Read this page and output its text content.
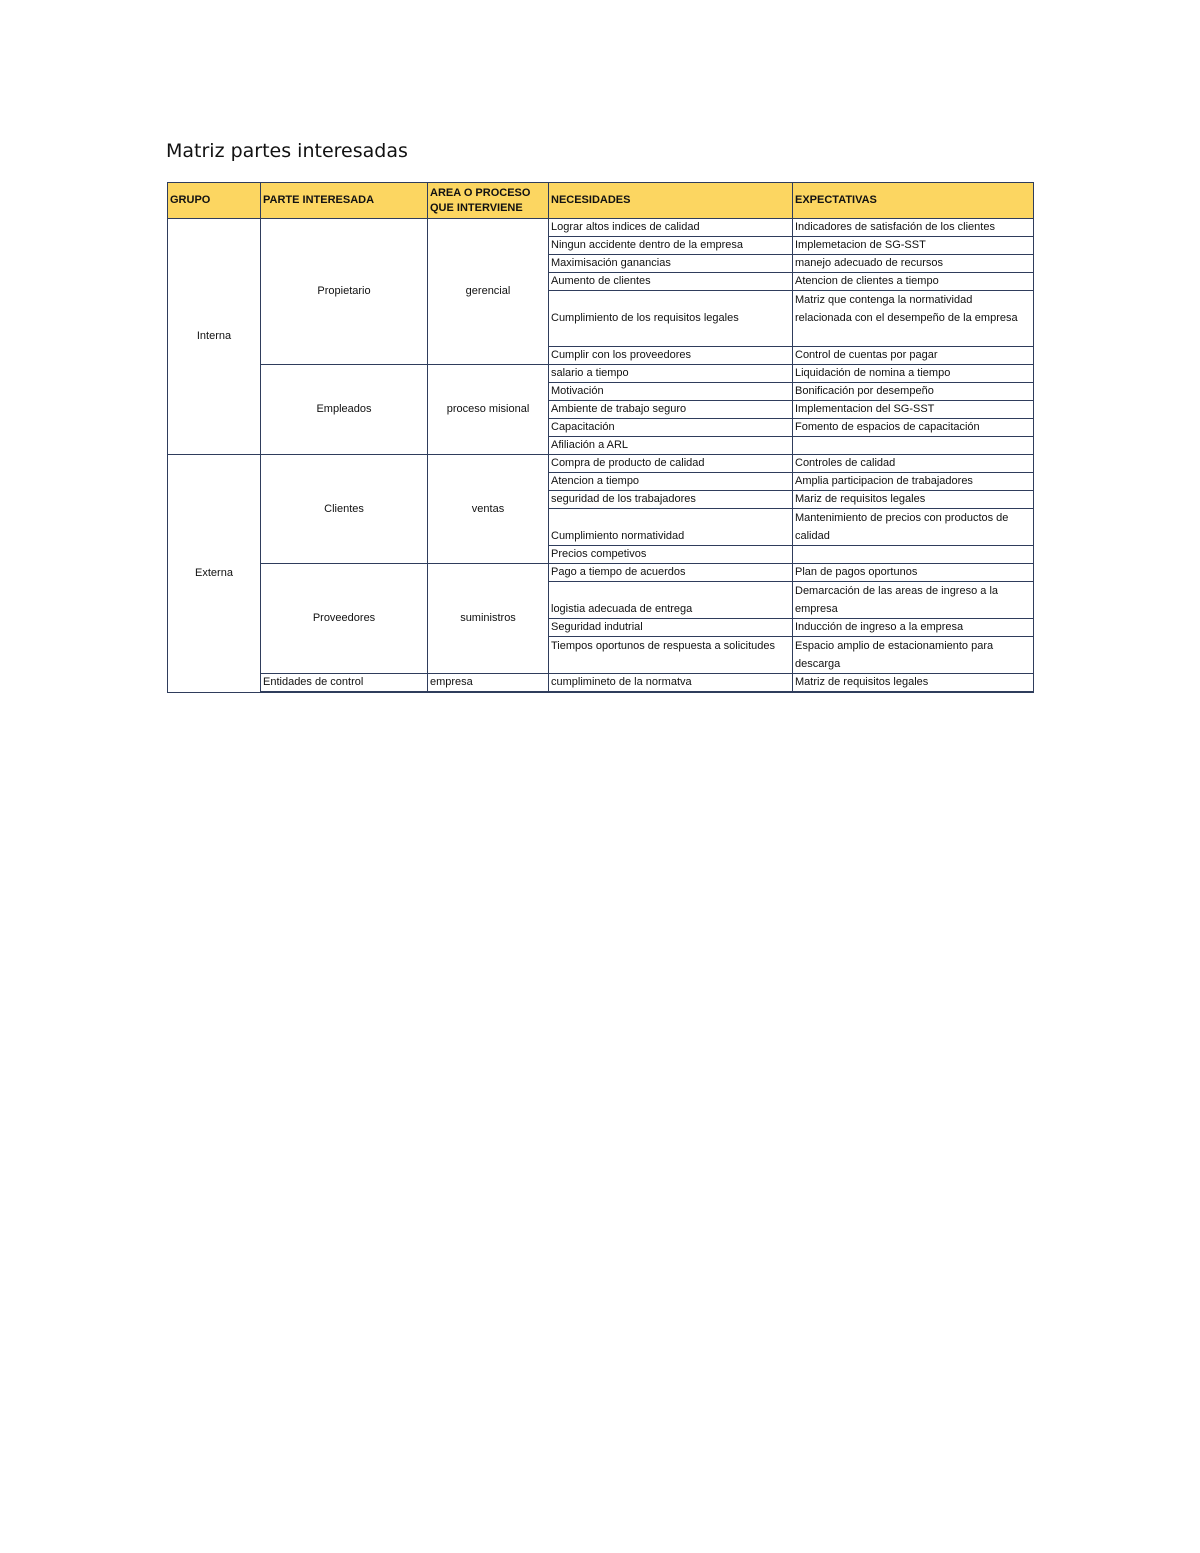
Matriz partes interesadas
GRUPO	PARTE INTERESADA	AREA O PROCESO QUE INTERVIENE	NECESIDADES	EXPECTATIVAS
Interna	Propietario	gerencial	Lograr altos indices de calidad	Indicadores de satisfación de los clientes
			Ningun accidente dentro de la empresa	Implemetacion de SG-SST
			Maximisación ganancias	manejo adecuado de recursos
			Aumento de clientes	Atencion de clientes a tiempo
			Cumplimiento de los requisitos legales	Matriz que contenga la normatividad relacionada con el desempeño de la empresa
			Cumplir con los proveedores	Control de cuentas por pagar
	Empleados	proceso misional	salario a tiempo	Liquidación de nomina a tiempo
			Motivación	Bonificación por desempeño
			Ambiente de trabajo seguro	Implementacion del SG-SST
			Capacitación	Fomento de espacios de capacitación
			Afiliación a ARL	
Externa	Clientes	ventas	Compra de producto de calidad	Controles de calidad
			Atencion a tiempo	Amplia participacion de trabajadores
			seguridad de los trabajadores	Mariz de requisitos legales
			Cumplimiento normatividad	Mantenimiento de precios con productos de calidad
			Precios competivos	
	Proveedores	suministros	Pago a tiempo de acuerdos	Plan de pagos oportunos
			logistia adecuada de entrega	Demarcación de las areas de ingreso a la empresa
			Seguridad indutrial	Inducción de ingreso a la empresa
			Tiempos oportunos de respuesta a solicitudes	Espacio amplio de estacionamiento para descarga
	Entidades de control	empresa	cumplimineto de la normatva	Matriz de requisitos legales
